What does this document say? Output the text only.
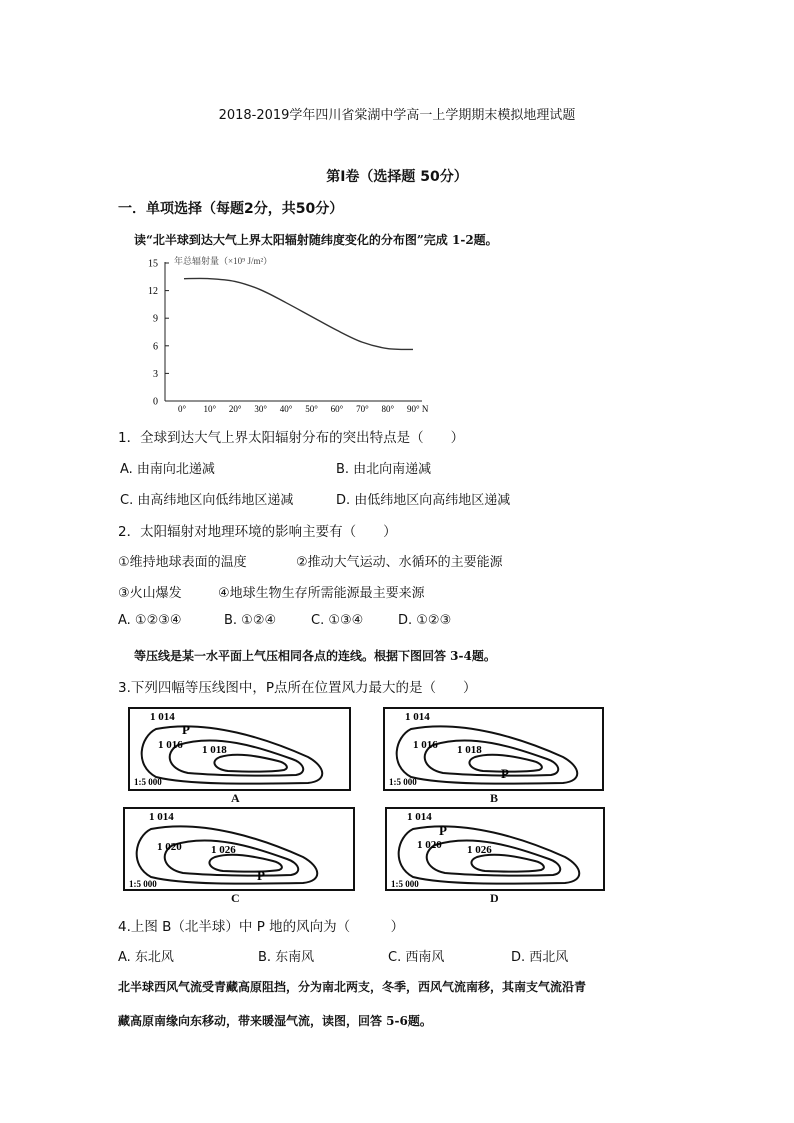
2018-2019学年四川省棠湖中学高一上学期期末模拟地理试题
第Ⅰ卷（选择题 50分）
一．单项选择（每题2分，共50分）
读“北半球到达大气上界太阳辐射随纬度变化的分布图”完成 1-2题。
年总辐射量（×10⁹ J/m²）
0
3
6
9
12
15
0° 10° 20° 30° 40° 50° 60° 70° 80° 90° N
1．全球到达大气上界太阳辐射分布的突出特点是（　　）
A. 由南向北递减	B. 由北向南递减
C. 由高纬地区向低纬地区递减	D. 由低纬地区向高纬地区递减
2．太阳辐射对地理环境的影响主要有（　　）
①维持地球表面的温度	②推动大气运动、水循环的主要能源
③火山爆发	④地球生物生存所需能源最主要来源
A. ①②③④	B. ①②④	C. ①③④	D. ①②③
等压线是某一水平面上气压相同各点的连线。根据下图回答 3-4题。
3.下列四幅等压线图中，P点所在位置风力最大的是（　　）
1 014
1 016 1 018
P
1:5 000
A
1 014
1 016 1 018
P
1:5 000
B
1 014
1 020	1 026
P
1:5 000
C
1 014
1 020 1 026
P
1:5 000
D
4.上图 B（北半球）中 P 地的风向为（　　　）
A. 东北风	B. 东南风	C. 西南风	D. 西北风
北半球西风气流受青藏高原阻挡，分为南北两支，冬季，西风气流南移，其南支气流沿青
藏高原南缘向东移动，带来暖湿气流，读图，回答 5-6题。
